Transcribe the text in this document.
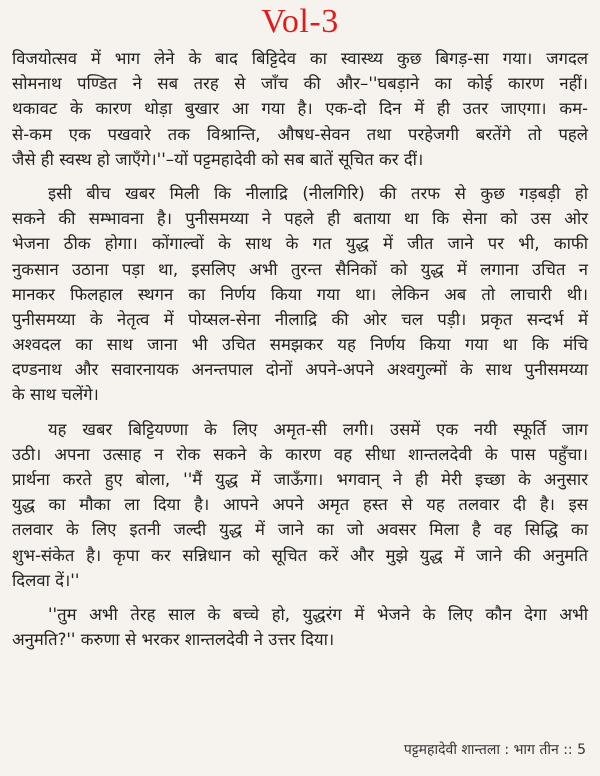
Vol-3
विजयोत्सव में भाग लेने के बाद बिट्टिदेव का स्वास्थ्य कुछ बिगड़-सा गया। जगदल
सोमनाथ पण्डित ने सब तरह से जाँच की और–''घबड़ाने का कोई कारण नहीं।
थकावट के कारण थोड़ा बुखार आ गया है। एक-दो दिन में ही उतर जाएगा। कम-
से-कम एक पखवारे तक विश्रान्ति, औषध-सेवन तथा परहेजगी बरतेंगे तो पहले
जैसे ही स्वस्थ हो जाएँगे।''–यों पट्टमहादेवी को सब बातें सूचित कर दीं।
इसी बीच खबर मिली कि नीलाद्रि (नीलगिरि) की तरफ से कुछ गड़बड़ी हो
सकने की सम्भावना है। पुनीसमय्या ने पहले ही बताया था कि सेना को उस ओर
भेजना ठीक होगा। कोंगाल्वों के साथ के गत युद्ध में जीत जाने पर भी, काफी
नुकसान उठाना पड़ा था, इसलिए अभी तुरन्त सैनिकों को युद्ध में लगाना उचित न
मानकर फिलहाल स्थगन का निर्णय किया गया था। लेकिन अब तो लाचारी थी।
पुनीसमय्या के नेतृत्व में पोय्सल-सेना नीलाद्रि की ओर चल पड़ी। प्रकृत सन्दर्भ में
अश्वदल का साथ जाना भी उचित समझकर यह निर्णय किया गया था कि मंचि
दण्डनाथ और सवारनायक अनन्तपाल दोनों अपने-अपने अश्वगुल्मों के साथ पुनीसमय्या
के साथ चलेंगे।
यह खबर बिट्टियण्णा के लिए अमृत-सी लगी। उसमें एक नयी स्फूर्ति जाग
उठी। अपना उत्साह न रोक सकने के कारण वह सीधा शान्तलदेवी के पास पहुँचा।
प्रार्थना करते हुए बोला, ''मैं युद्ध में जाऊँगा। भगवान् ने ही मेरी इच्छा के अनुसार
युद्ध का मौका ला दिया है। आपने अपने अमृत हस्त से यह तलवार दी है। इस
तलवार के लिए इतनी जल्दी युद्ध में जाने का जो अवसर मिला है वह सिद्धि का
शुभ-संकेत है। कृपा कर सन्निधान को सूचित करें और मुझे युद्ध में जाने की अनुमति
दिलवा दें।''
''तुम अभी तेरह साल के बच्चे हो, युद्धरंग में भेजने के लिए कौन देगा अभी
अनुमति?'' करुणा से भरकर शान्तलदेवी ने उत्तर दिया।
पट्टमहादेवी शान्तला : भाग तीन :: 5
